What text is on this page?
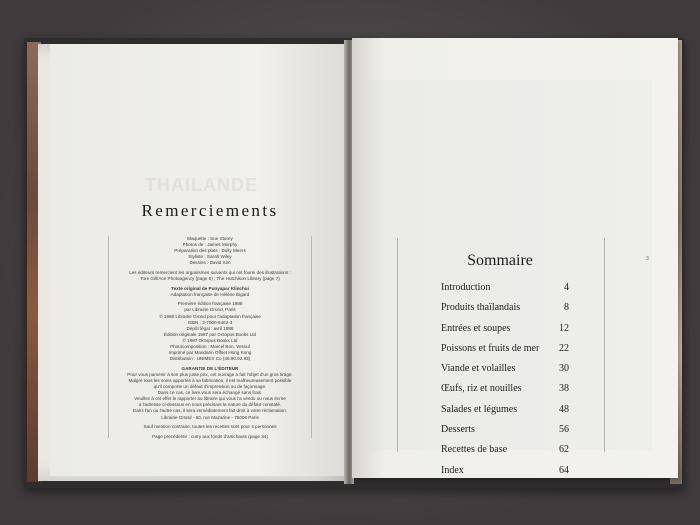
THAILANDE
Remerciements
Maquette : Sue Storey
Photos de : James Murphy
Préparation des plats : Dolly Meers
Styliste : Sarah Wiley
Dessins : David Sim
Les éditeurs remercient les organismes suivants qui ont fourni des illustrations :
Tore Gill/Ace Photoagency (page 5) ; The Hutchison Library (page 7)
Texte original de Punyapar Klinchui
Adaptation française de Hélène Bigard
Première édition française 1988
par Librairie Gründ, Paris
© 1988 Librairie Gründ pour l'adaptation française
ISBN : 2-7000-6462-3
Dépôt légal : avril 1988
Édition originale 1987 par Octopus Books Ltd
© 1987 Octopus Books Ltd
Photocomposition : Marcel Bon, Vesoul
Imprimé par Mandarin Offset Hong Kong
Distribution : UNIMEX Co (46.90.92.93)
GARANTIE DE L'ÉDITEUR
Pour vous parvenir à son plus juste prix, cet ouvrage a fait l'objet d'un gros tirage.
Malgré tous les soins apportés à sa fabrication, il est malheureusement possible
qu'il comporte un défaut d'impression ou de façonnage.
Dans ce cas, ce livre vous sera échangé sans frais.
Veuillez à cet effet le rapporter au libraire qui vous l'a vendu ou nous écrire
à l'adresse ci-dessous en nous précisant la nature du défaut constaté.
Dans l'un ou l'autre cas, il sera immédiatement fait droit à votre réclamation.
Librairie Gründ - 60, rue Mazarine - 75006 Paris
Sauf mention contraire, toutes les recettes sont pour 4 personnes
Page precédente : curry aux fonds d'artichauts (page 34)
Sommaire
Introduction	4
Produits thaïlandais	8
Entrées et soupes	12
Poissons et fruits de mer 22
Viande et volailles	30
Œufs, riz et nouilles	38
Salades et légumes	48
Desserts	56
Recettes de base	62
Index	64
3
